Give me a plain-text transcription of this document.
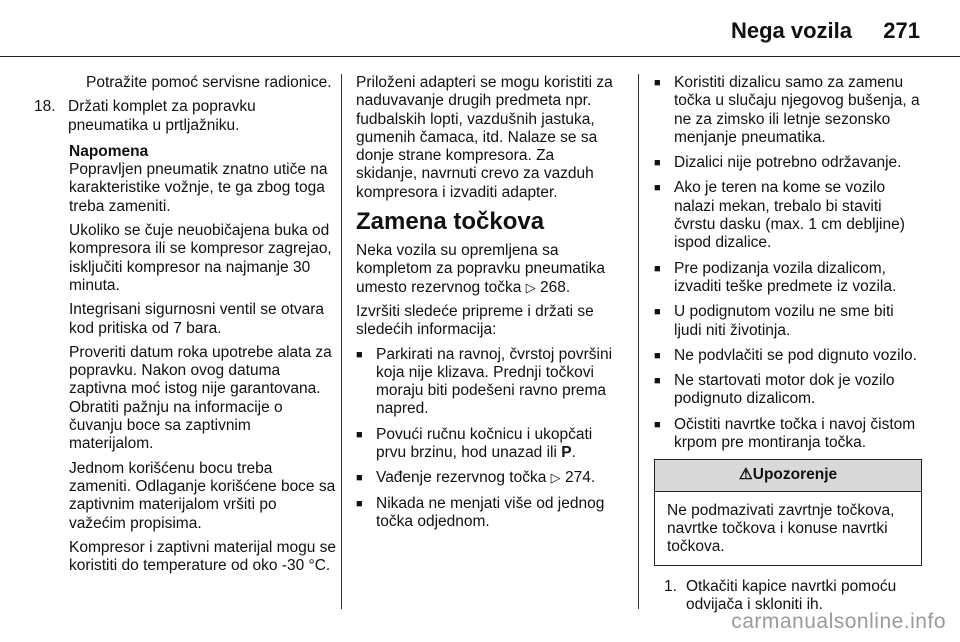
Nega vozila 271

Potražite pomoć servisne radionice.

18. Držati komplet za popravku pneumatika u prtljažniku.

Napomena

Popravljen pneumatik znatno utiče na karakteristike vožnje, te ga zbog toga treba zameniti.

Ukoliko se čuje neuobičajena buka od kompresora ili se kompresor zagrejao, isključiti kompresor na najmanje 30 minuta.

Integrisani sigurnosni ventil se otvara kod pritiska od 7 bara.

Proveriti datum roka upotrebe alata za popravku. Nakon ovog datuma zaptivna moć istog nije garantovana. Obratiti pažnju na informacije o čuvanju boce sa zaptivnim materijalom.

Jednom korišćenu bocu treba zameniti. Odlaganje korišćene boce sa zaptivnim materijalom vršiti po važećim propisima.

Kompresor i zaptivni materijal mogu se koristiti do temperature od oko -30 °C.

Priloženi adapteri se mogu koristiti za naduvavanje drugih predmeta npr. fudbalskih lopti, vazdušnih jastuka, gumenih čamaca, itd. Nalaze se sa donje strane kompresora. Za skidanje, navrnuti crevo za vazduh kompresora i izvaditi adapter.

Zamena točkova

Neka vozila su opremljena sa kompletom za popravku pneumatika umesto rezervnog točka ▷ 268.

Izvršiti sledeće pripreme i držati se sledećih informacija:

■ Parkirati na ravnoj, čvrstoj površini koja nije klizava. Prednji točkovi moraju biti podešeni ravno prema napred.
■ Povući ručnu kočnicu i ukopčati prvu brzinu, hod unazad ili P.
■ Vađenje rezervnog točka ▷ 274.
■ Nikada ne menjati više od jednog točka odjednom.
■ Koristiti dizalicu samo za zamenu točka u slučaju njegovog bušenja, a ne za zimsko ili letnje sezonsko menjanje pneumatika.
■ Dizalici nije potrebno održavanje.
■ Ako je teren na kome se vozilo nalazi mekan, trebalo bi staviti čvrstu dasku (max. 1 cm debljine) ispod dizalice.
■ Pre podizanja vozila dizalicom, izvaditi teške predmete iz vozila.
■ U podignutom vozilu ne sme biti ljudi niti životinja.
■ Ne podvlačiti se pod dignuto vozilo.
■ Ne startovati motor dok je vozilo podignuto dizalicom.
■ Očistiti navrtke točka i navoj čistom krpom pre montiranja točka.
⚠Upozorenje
Ne podmazivati zavrtnje točkova, navrtke točkova i konuse navrtki točkova.
1. Otkačiti kapice navrtki pomoću odvijača i skloniti ih.
carmanualsonline.info
